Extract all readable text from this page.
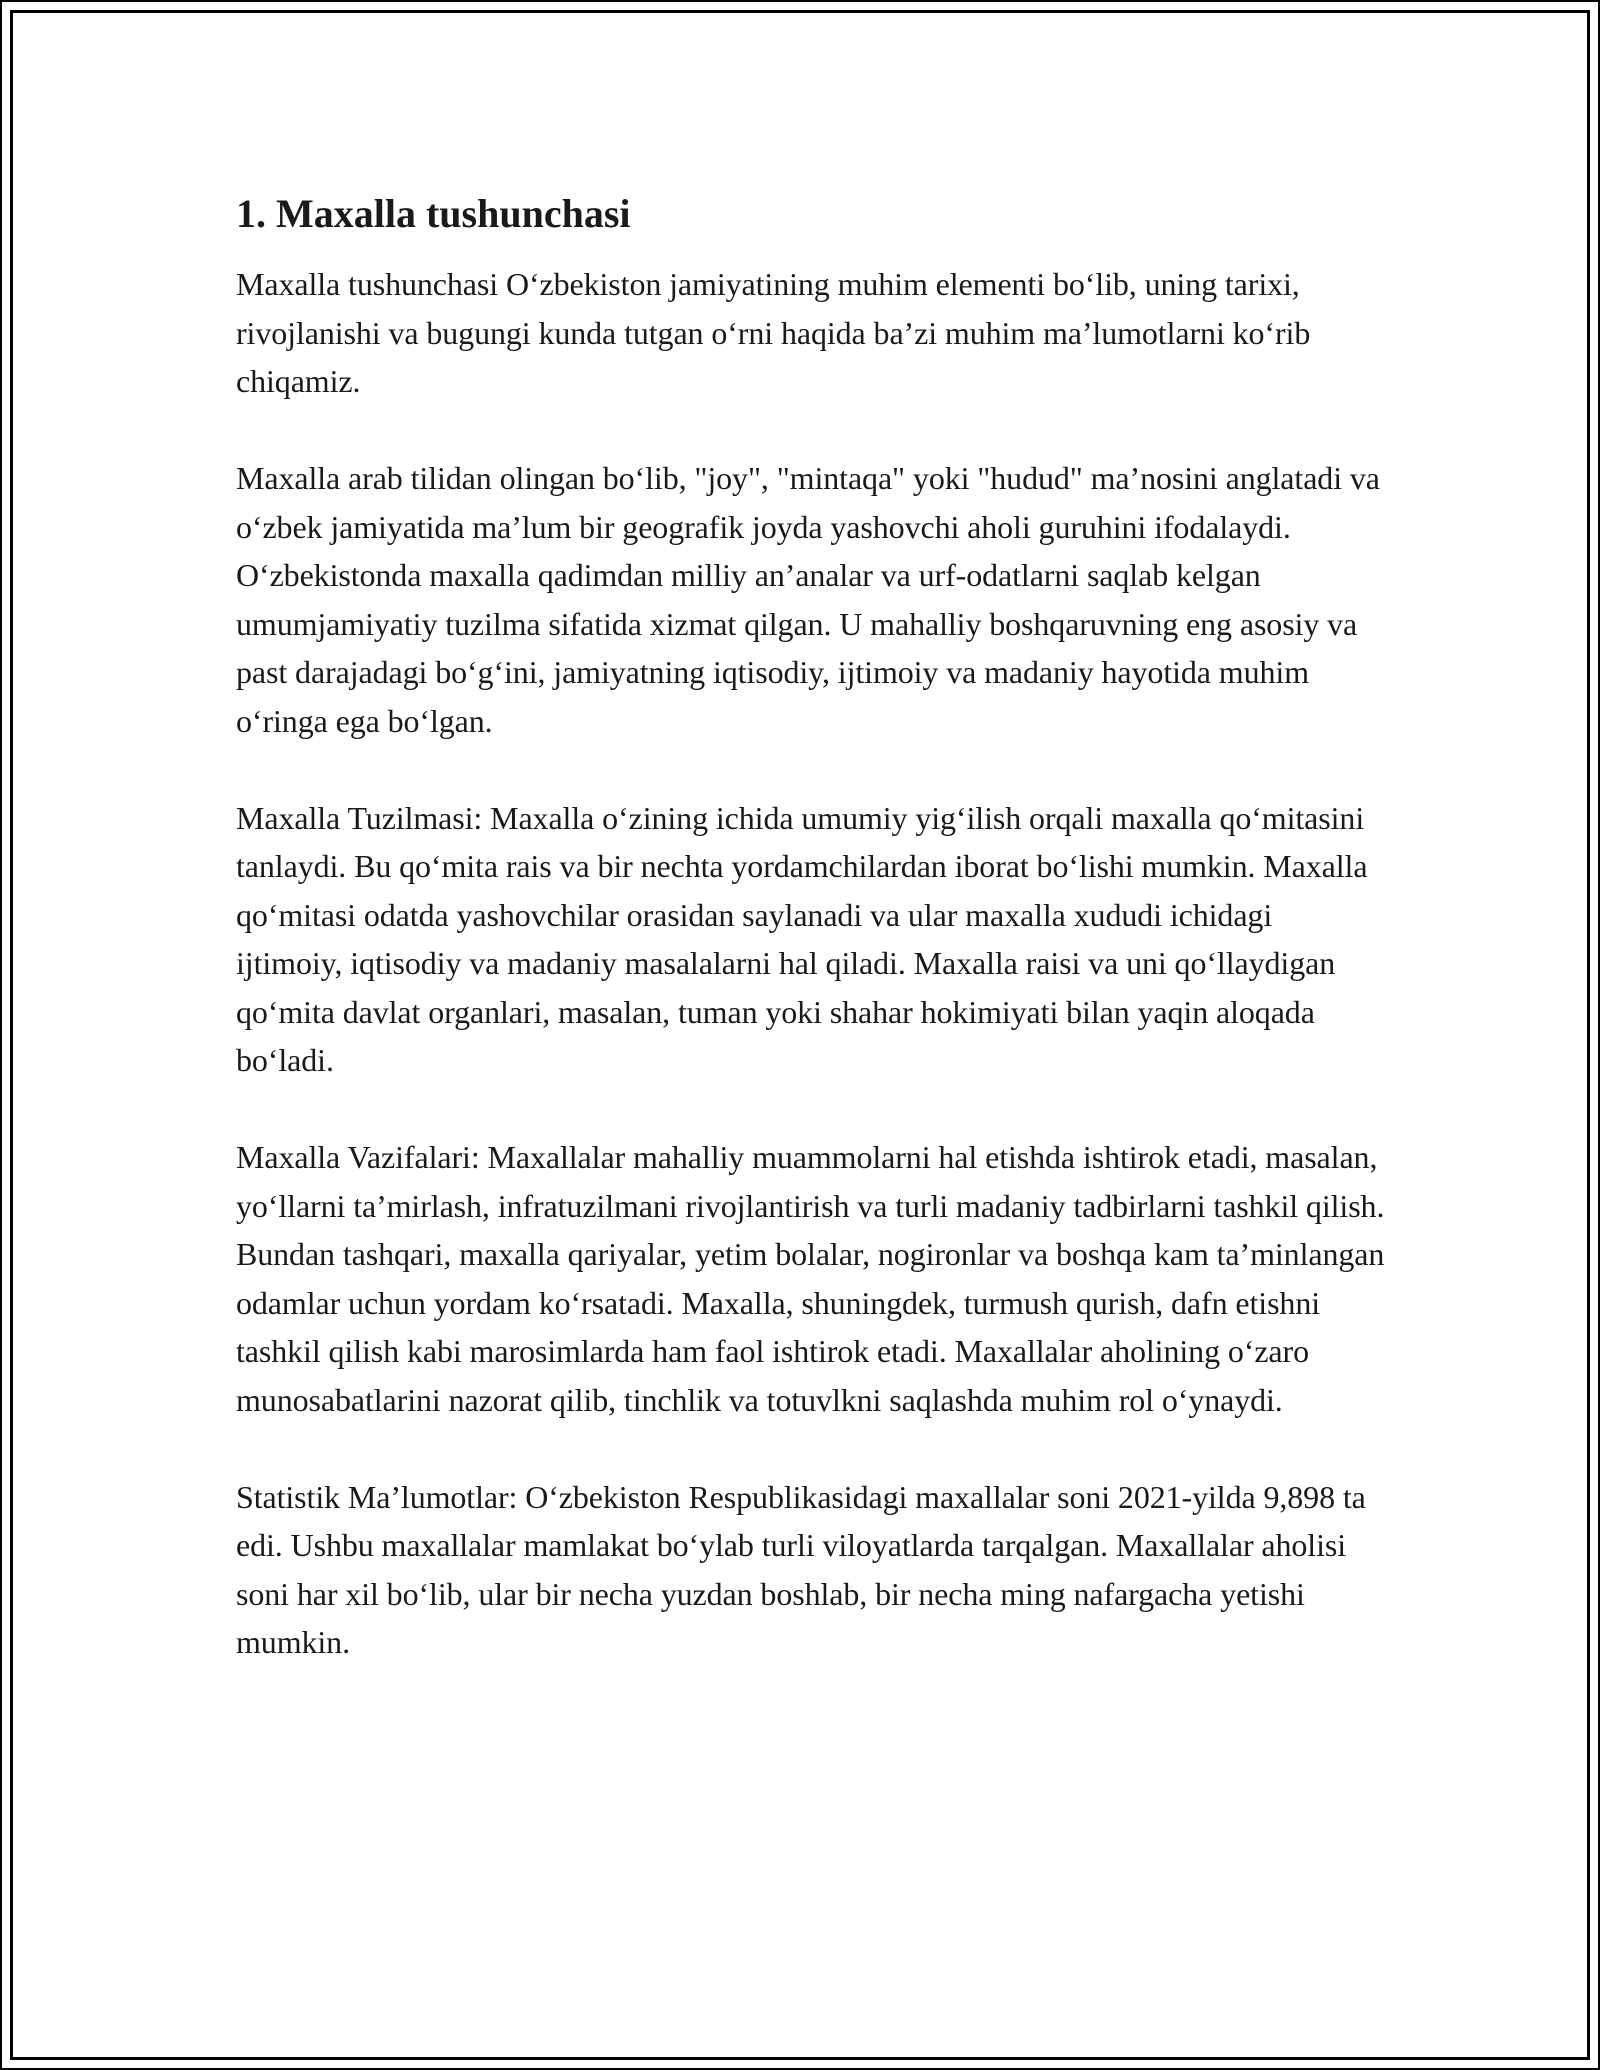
1. Maxalla tushunchasi

Maxalla tushunchasi O‘zbekiston jamiyatining muhim elementi bo‘lib, uning tarixi, rivojlanishi va bugungi kunda tutgan o‘rni haqida ba’zi muhim ma’lumotlarni ko‘rib chiqamiz.

Maxalla arab tilidan olingan bo‘lib, "joy", "mintaqa" yoki "hudud" ma’nosini anglatadi va o‘zbek jamiyatida ma’lum bir geografik joyda yashovchi aholi guruhini ifodalaydi. O‘zbekistonda maxalla qadimdan milliy an’analar va urf-odatlarni saqlab kelgan umumjamiyatiy tuzilma sifatida xizmat qilgan. U mahalliy boshqaruvning eng asosiy va past darajadagi bo‘g‘ini, jamiyatning iqtisodiy, ijtimoiy va madaniy hayotida muhim o‘ringa ega bo‘lgan.

Maxalla Tuzilmasi: Maxalla o‘zining ichida umumiy yig‘ilish orqali maxalla qo‘mitasini tanlaydi. Bu qo‘mita rais va bir nechta yordamchilardan iborat bo‘lishi mumkin. Maxalla qo‘mitasi odatda yashovchilar orasidan saylanadi va ular maxalla xududi ichidagi ijtimoiy, iqtisodiy va madaniy masalalarni hal qiladi. Maxalla raisi va uni qo‘llaydigan qo‘mita davlat organlari, masalan, tuman yoki shahar hokimiyati bilan yaqin aloqada bo‘ladi.

Maxalla Vazifalari: Maxallalar mahalliy muammolarni hal etishda ishtirok etadi, masalan, yo‘llarni ta’mirlash, infratuzilmani rivojlantirish va turli madaniy tadbirlarni tashkil qilish. Bundan tashqari, maxalla qariyalar, yetim bolalar, nogironlar va boshqa kam ta’minlangan odamlar uchun yordam ko‘rsatadi. Maxalla, shuningdek, turmush qurish, dafn etishni tashkil qilish kabi marosimlarda ham faol ishtirok etadi. Maxallalar aholining o‘zaro munosabatlarini nazorat qilib, tinchlik va totuvlkni saqlashda muhim rol o‘ynaydi.

Statistik Ma’lumotlar: O‘zbekiston Respublikasidagi maxallalar soni 2021-yilda 9,898 ta edi. Ushbu maxallalar mamlakat bo‘ylab turli viloyatlarda tarqalgan. Maxallalar aholisi soni har xil bo‘lib, ular bir necha yuzdan boshlab, bir necha ming nafargacha yetishi mumkin.
